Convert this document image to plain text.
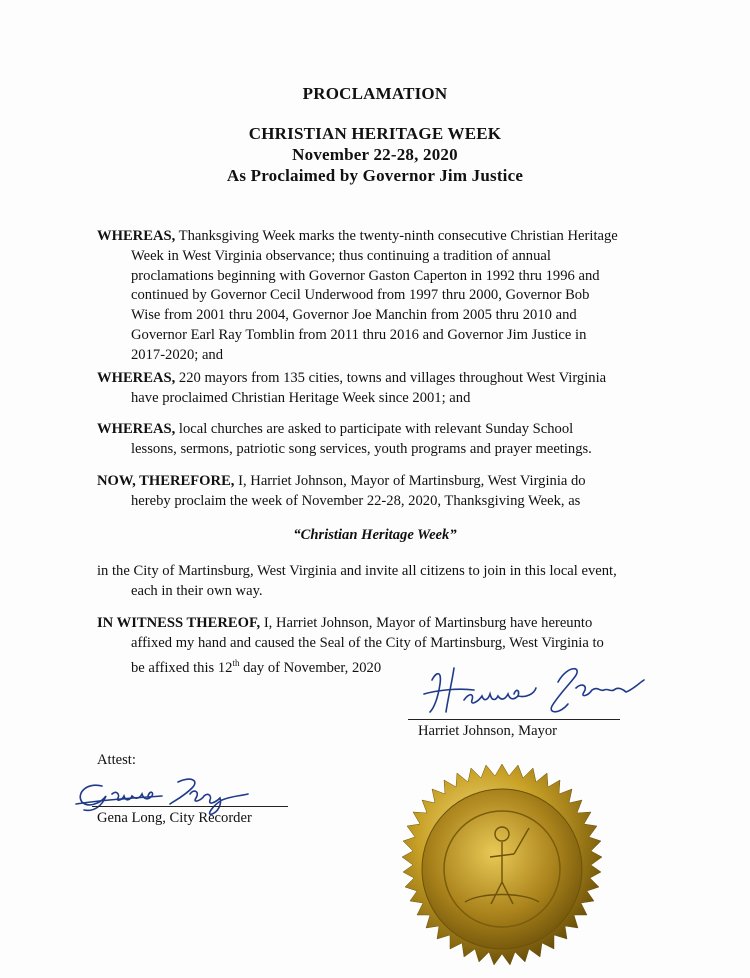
PROCLAMATION
CHRISTIAN HERITAGE WEEK
November 22-28, 2020
As Proclaimed by Governor Jim Justice
WHEREAS, Thanksgiving Week marks the twenty-ninth consecutive Christian Heritage
Week in West Virginia observance; thus continuing a tradition of annual
proclamations beginning with Governor Gaston Caperton in 1992 thru 1996 and
continued by Governor Cecil Underwood from 1997 thru 2000, Governor Bob
Wise from 2001 thru 2004, Governor Joe Manchin from 2005 thru 2010 and
Governor Earl Ray Tomblin from 2011 thru 2016 and Governor Jim Justice in
2017-2020; and
WHEREAS, 220 mayors from 135 cities, towns and villages throughout West Virginia
have proclaimed Christian Heritage Week since 2001; and
WHEREAS, local churches are asked to participate with relevant Sunday School
lessons, sermons, patriotic song services, youth programs and prayer meetings.
NOW, THEREFORE, I, Harriet Johnson, Mayor of Martinsburg, West Virginia do
hereby proclaim the week of November 22-28, 2020, Thanksgiving Week, as
“Christian Heritage Week”
in the City of Martinsburg, West Virginia and invite all citizens to join in this local event,
each in their own way.
IN WITNESS THEREOF, I, Harriet Johnson, Mayor of Martinsburg have hereunto
affixed my hand and caused the Seal of the City of Martinsburg, West Virginia to
be affixed this 12th day of November, 2020
Harriet Johnson, Mayor
Attest:
Gena Long, City Recorder
